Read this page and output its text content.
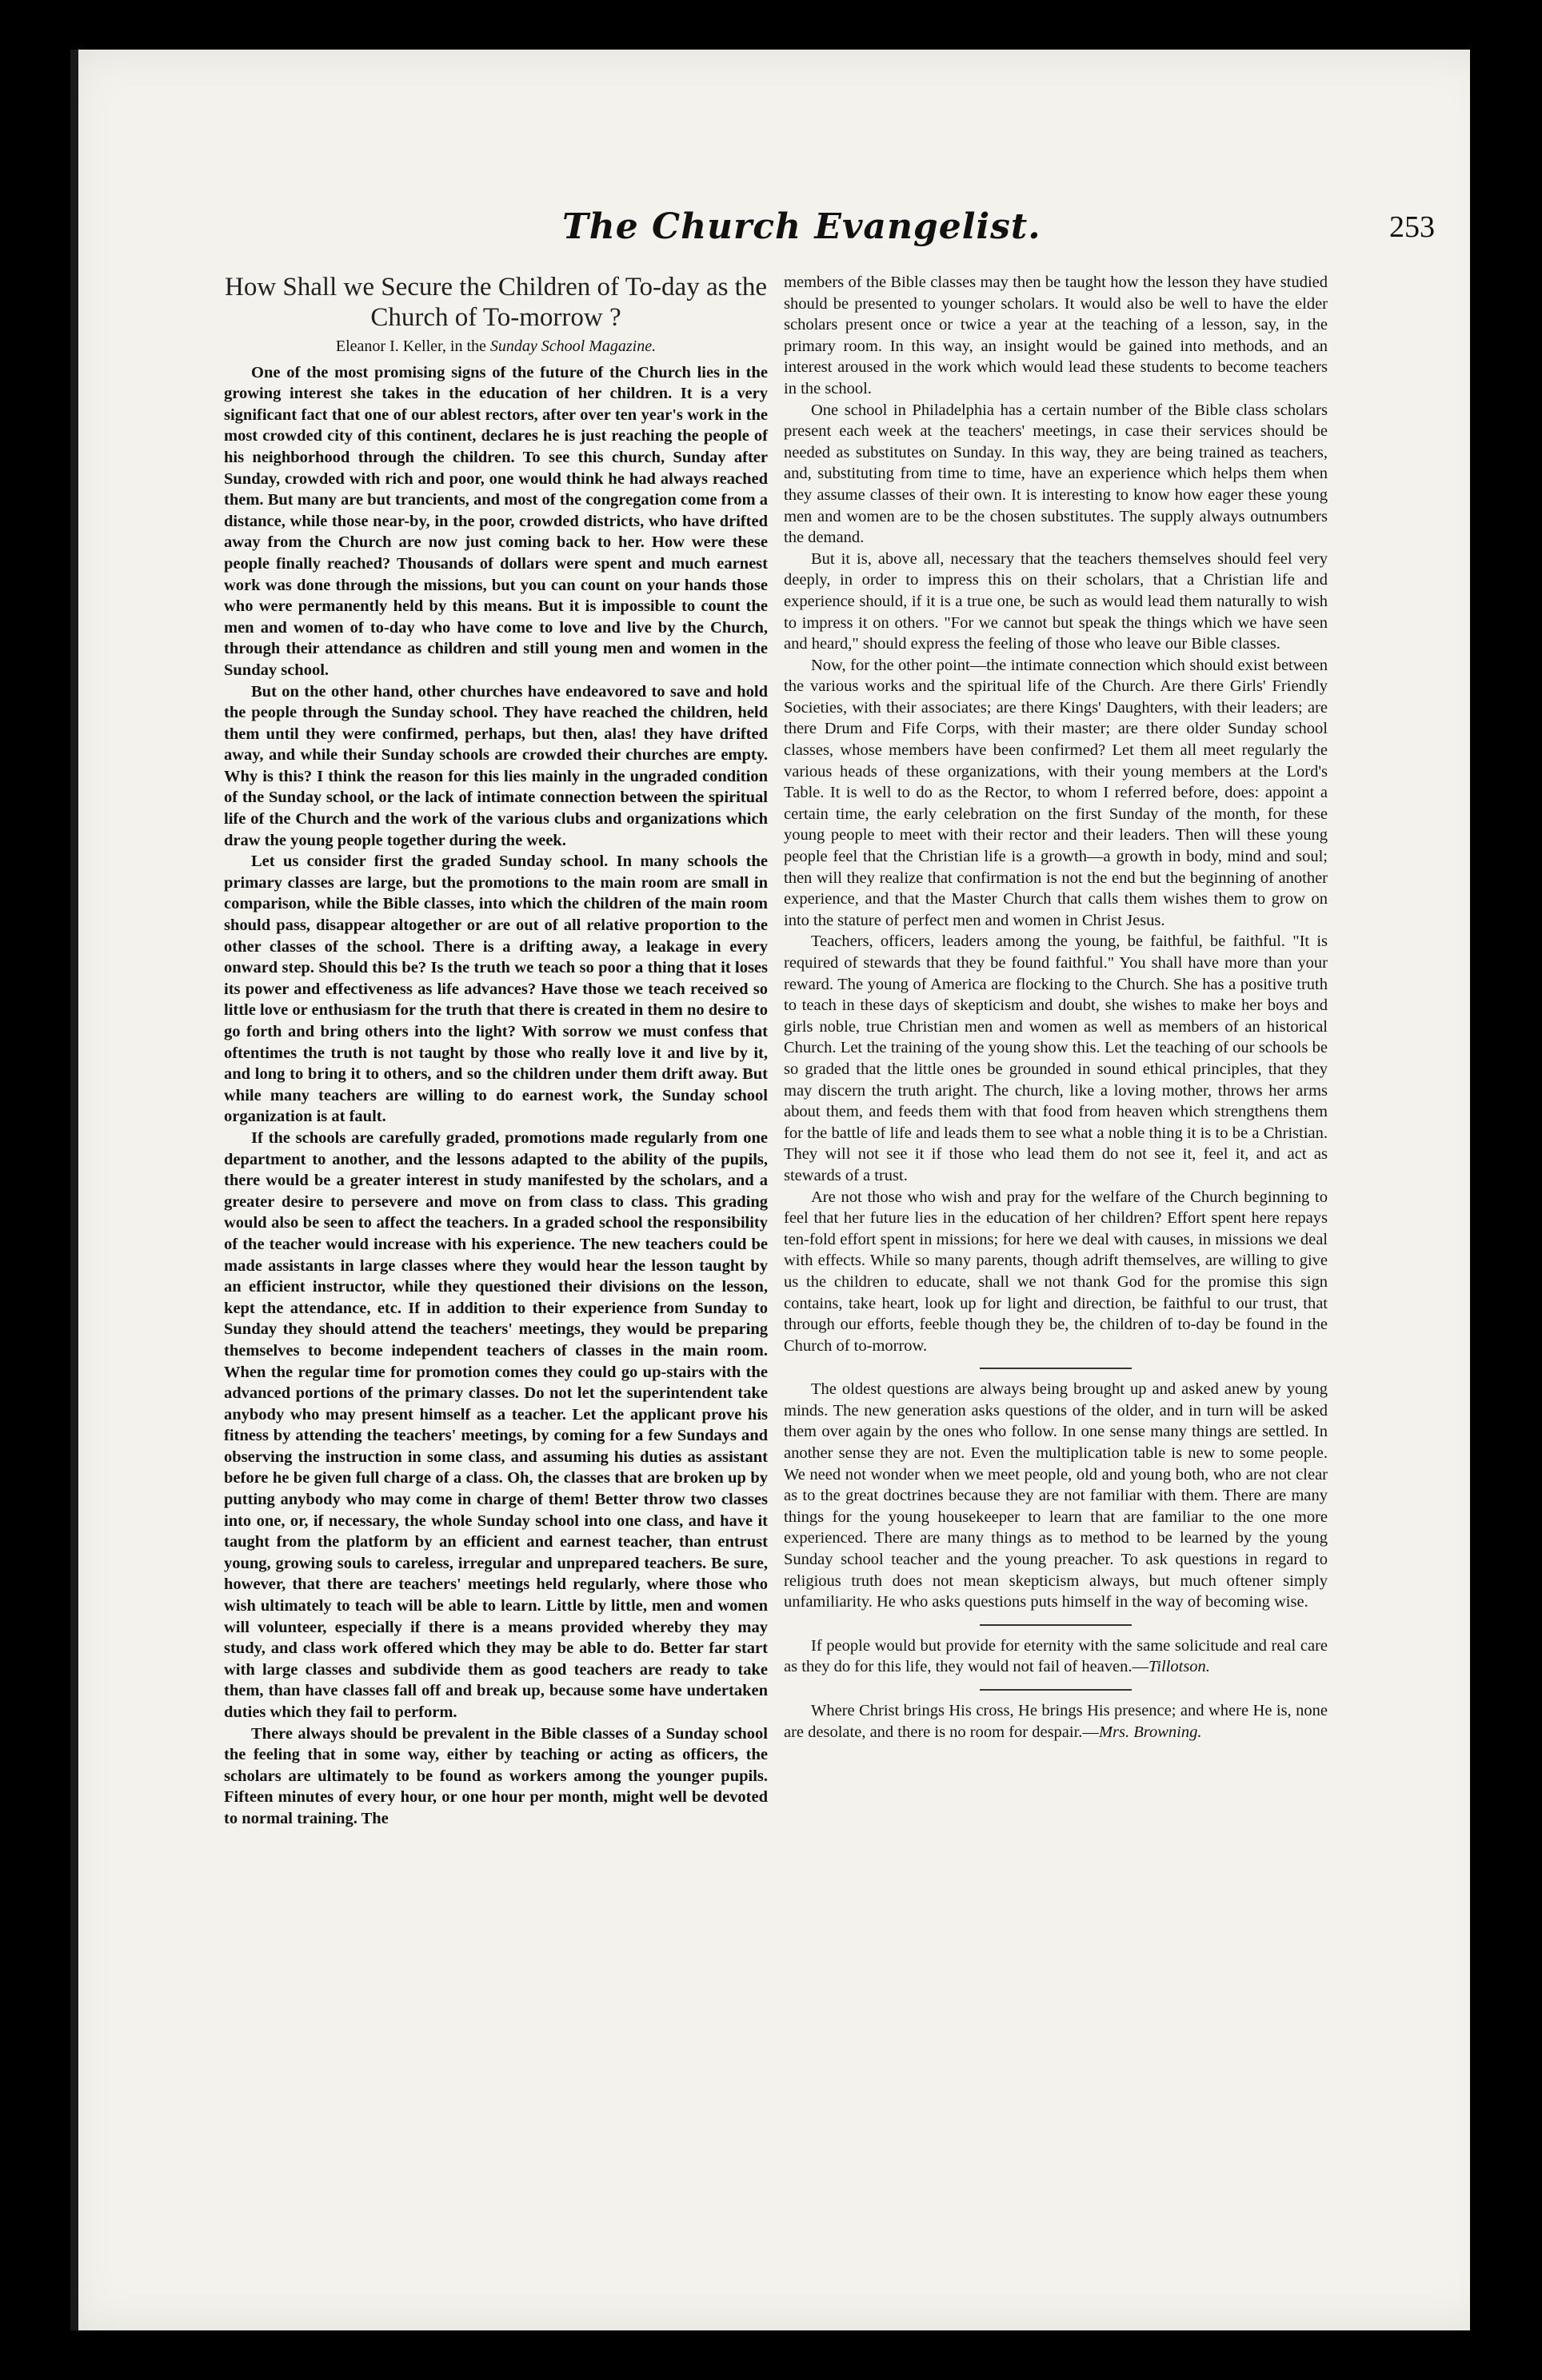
The Church Evangelist.	253
How Shall we Secure the Children of To-day as the Church of To-morrow ?
Eleanor I. Keller, in the Sunday School Magazine.

One of the most promising signs of the future of the Church lies in the growing interest she takes in the education of her children. It is a very significant fact that one of our ablest rectors, after over ten year's work in the most crowded city of this continent, declares he is just reaching the people of his neighborhood through the children. To see this church, Sunday after Sunday, crowded with rich and poor, one would think he had always reached them. But many are but trancients, and most of the congregation come from a distance, while those near-by, in the poor, crowded districts, who have drifted away from the Church are now just coming back to her. How were these people finally reached? Thousands of dollars were spent and much earnest work was done through the missions, but you can count on your hands those who were permanently held by this means. But it is impossible to count the men and women of to-day who have come to love and live by the Church, through their attendance as children and still young men and women in the Sunday school.

But on the other hand, other churches have endeavored to save and hold the people through the Sunday school. They have reached the children, held them until they were confirmed, perhaps, but then, alas! they have drifted away, and while their Sunday schools are crowded their churches are empty. Why is this? I think the reason for this lies mainly in the ungraded condition of the Sunday school, or the lack of intimate connection between the spiritual life of the Church and the work of the various clubs and organizations which draw the young people together during the week.

Let us consider first the graded Sunday school. In many schools the primary classes are large, but the promotions to the main room are small in comparison, while the Bible classes, into which the children of the main room should pass, disappear altogether or are out of all relative proportion to the other classes of the school. There is a drifting away, a leakage in every onward step. Should this be? Is the truth we teach so poor a thing that it loses its power and effectiveness as life advances? Have those we teach received so little love or enthusiasm for the truth that there is created in them no desire to go forth and bring others into the light? With sorrow we must confess that oftentimes the truth is not taught by those who really love it and live by it, and long to bring it to others, and so the children under them drift away. But while many teachers are willing to do earnest work, the Sunday school organization is at fault.

If the schools are carefully graded, promotions made regularly from one department to another, and the lessons adapted to the ability of the pupils, there would be a greater interest in study manifested by the scholars, and a greater desire to persevere and move on from class to class. This grading would also be seen to affect the teachers. In a graded school the responsibility of the teacher would increase with his experience. The new teachers could be made assistants in large classes where they would hear the lesson taught by an efficient instructor, while they questioned their divisions on the lesson, kept the attendance, etc. If in addition to their experience from Sunday to Sunday they should attend the teachers' meetings, they would be preparing themselves to become independent teachers of classes in the main room. When the regular time for promotion comes they could go up-stairs with the advanced portions of the primary classes. Do not let the superintendent take anybody who may present himself as a teacher. Let the applicant prove his fitness by attending the teachers' meetings, by coming for a few Sundays and observing the instruction in some class, and assuming his duties as assistant before he be given full charge of a class. Oh, the classes that are broken up by putting anybody who may come in charge of them! Better throw two classes into one, or, if necessary, the whole Sunday school into one class, and have it taught from the platform by an efficient and earnest teacher, than entrust young, growing souls to careless, irregular and unprepared teachers. Be sure, however, that there are teachers' meetings held regularly, where those who wish ultimately to teach will be able to learn. Little by little, men and women will volunteer, especially if there is a means provided whereby they may study, and class work offered which they may be able to do. Better far start with large classes and subdivide them as good teachers are ready to take them, than have classes fall off and break up, because some have undertaken duties which they fail to perform.

There always should be prevalent in the Bible classes of a Sunday school the feeling that in some way, either by teaching or acting as officers, the scholars are ultimately to be found as workers among the younger pupils. Fifteen minutes of every hour, or one hour per month, might well be devoted to normal training. The

members of the Bible classes may then be taught how the lesson they have studied should be presented to younger scholars. It would also be well to have the elder scholars present once or twice a year at the teaching of a lesson, say, in the primary room. In this way, an insight would be gained into methods, and an interest aroused in the work which would lead these students to become teachers in the school.

One school in Philadelphia has a certain number of the Bible class scholars present each week at the teachers' meetings, in case their services should be needed as substitutes on Sunday. In this way, they are being trained as teachers, and, substituting from time to time, have an experience which helps them when they assume classes of their own. It is interesting to know how eager these young men and women are to be the chosen substitutes. The supply always outnumbers the demand.

But it is, above all, necessary that the teachers themselves should feel very deeply, in order to impress this on their scholars, that a Christian life and experience should, if it is a true one, be such as would lead them naturally to wish to impress it on others. "For we cannot but speak the things which we have seen and heard," should express the feeling of those who leave our Bible classes.

Now, for the other point—the intimate connection which should exist between the various works and the spiritual life of the Church. Are there Girls' Friendly Societies, with their associates; are there Kings' Daughters, with their leaders; are there Drum and Fife Corps, with their master; are there older Sunday school classes, whose members have been confirmed? Let them all meet regularly the various heads of these organizations, with their young members at the Lord's Table. It is well to do as the Rector, to whom I referred before, does: appoint a certain time, the early celebration on the first Sunday of the month, for these young people to meet with their rector and their leaders. Then will these young people feel that the Christian life is a growth—a growth in body, mind and soul; then will they realize that confirmation is not the end but the beginning of another experience, and that the Master Church that calls them wishes them to grow on into the stature of perfect men and women in Christ Jesus.

Teachers, officers, leaders among the young, be faithful, be faithful. "It is required of stewards that they be found faithful." You shall have more than your reward. The young of America are flocking to the Church. She has a positive truth to teach in these days of skepticism and doubt, she wishes to make her boys and girls noble, true Christian men and women as well as members of an historical Church. Let the training of the young show this. Let the teaching of our schools be so graded that the little ones be grounded in sound ethical principles, that they may discern the truth aright. The church, like a loving mother, throws her arms about them, and feeds them with that food from heaven which strengthens them for the battle of life and leads them to see what a noble thing it is to be a Christian. They will not see it if those who lead them do not see it, feel it, and act as stewards of a trust.

Are not those who wish and pray for the welfare of the Church beginning to feel that her future lies in the education of her children? Effort spent here repays ten-fold effort spent in missions; for here we deal with causes, in missions we deal with effects. While so many parents, though adrift themselves, are willing to give us the children to educate, shall we not thank God for the promise this sign contains, take heart, look up for light and direction, be faithful to our trust, that through our efforts, feeble though they be, the children of to-day be found in the Church of to-morrow.

The oldest questions are always being brought up and asked anew by young minds. The new generation asks questions of the older, and in turn will be asked them over again by the ones who follow. In one sense many things are settled. In another sense they are not. Even the multiplication table is new to some people. We need not wonder when we meet people, old and young both, who are not clear as to the great doctrines because they are not familiar with them. There are many things for the young housekeeper to learn that are familiar to the one more experienced. There are many things as to method to be learned by the young Sunday school teacher and the young preacher. To ask questions in regard to religious truth does not mean skepticism always, but much oftener simply unfamiliarity. He who asks questions puts himself in the way of becoming wise.

If people would but provide for eternity with the same solicitude and real care as they do for this life, they would not fail of heaven.—Tillotson.

Where Christ brings His cross, He brings His presence; and where He is, none are desolate, and there is no room for despair.—Mrs. Browning.
